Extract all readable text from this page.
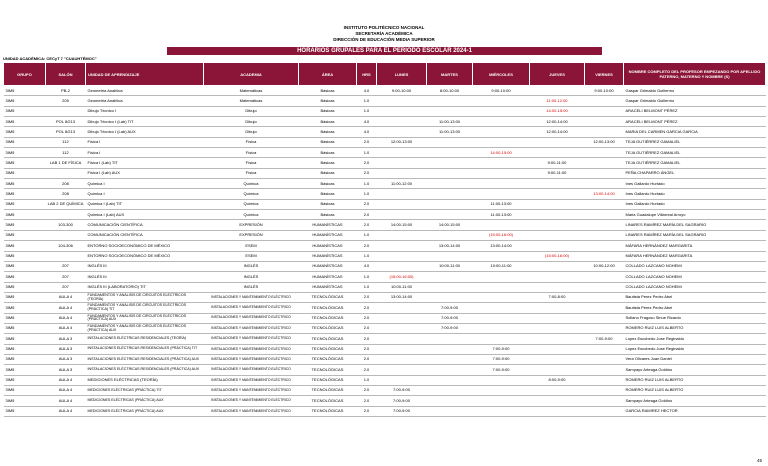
INSTITUTO POLITÉCNICO NACIONAL
SECRETARÍA ACADÉMICA
DIRECCIÓN DE EDUCACIÓN MEDIA SUPERIOR
HORARIOS GRUPALES PARA EL PERIODO ESCOLAR 2024-1
UNIDAD ACADÉMICA: CECyT 7 "CUAUHTÉMOC"
GRUPO	SALÓN	UNIDAD DE APRENDIZAJE	ACADEMIA	ÁREA	HRS	LUNES	MARTES	MIÉRCOLES	JUEVES	VIERNES	NOMBRE COMPLETO DEL PROFESOR EMPEZANDO POR APELLIDO PATERNO, MATERNO Y NOMBRE (S)
3IM5	PB-2	Geometría Analítica	Matemáticas	Básicas	4.0	9:00-10:00	8:00-10:00	9:00-10:00		9:00-10:00	Gaspar Grimaldo Guillermo
3IM5	205	Geometría Analítica	Matemáticas	Básicas	1.0				11:00-12:00		Gaspar Grimaldo Guillermo
3IM5		Dibujo Técnico I	Dibujo	Básicas	1.0				14:00-15:00		ARACELI BELMONT PÉREZ
3IM5	POL 8/213	Dibujo Técnico I (Lab) TIT	Dibujo	Básicas	4.0		11:00-13:00		12:00-14:00		ARACELI BELMONT PÉREZ
3IM5	POL 8/213	Dibujo Técnico I (Lab) AUX	Dibujo	Básicas	4.0		11:00-13:00		12:00-14:00		MARIA DEL CARMEN GARCIA GARCIA
3IM5	112	Física I	Física	Básicas	2.0	12:00-13:00				12:00-13:00	TEJA GUTIÉRREZ GAMALIEL
3IM5	112	Física I	Física	Básicas	1.0			14:00-15:00			TEJA GUTIÉRREZ GAMALIEL
3IM5	LAB 1 DE FÍSICA	Física I (Lab) TIT	Física	Básicas	2.0				9:00-11:00		TEJA GUTIÉRREZ GAMALIEL
3IM5		Física I (Lab) AUX	Física	Básicas	2.0				9:00-11:00		PEÑA CHAPARRO ÁNGEL
3IM5	208	Química I	Química	Básicas	1.0	11:00-12:00					Ines Gallardo Hurtado
3IM5	208	Química I	Química	Básicas	1.0					13:00-14:00	Ines Gallardo Hurtado
3IM5	LAB 2 DE QUÍMICA	Química I (Lab) TIT	Química	Básicas	2.0			11:00-13:00			Ines Gallardo Hurtado
3IM5		Química I (Lab) AUX	Química	Básicas	2.0			11:00-13:00			Maria Guadalupe Villarreal Arroyo
3IM5	103-300	COMUNICACIÓN CIENTÍFICA	EXPRESIÓN	HUMANÍSTICAS	2.0	14:00-15:00	14:00-15:00				LINARES RAMÍREZ MARÍA DEL SAGRARIO
3IM5		COMUNICACIÓN CIENTÍFICA	EXPRESIÓN	HUMANÍSTICAS	1.0			(15:00-16:00)			LINARES RAMÍREZ MARÍA DEL SAGRARIO
3IM5	104-306	ENTORNO SOCIOECONÓMICO DE MÉXICO	ESEM	HUMANÍSTICAS	2.0		13:00-14:00	13:00-14:00			MÁFARA HERNÁNDEZ MARGARITA
3IM5		ENTORNO SOCIOECONÓMICO DE MÉXICO	ESEM	HUMANÍSTICAS	1.0				(15:00-16:00)		MÁFARA HERNÁNDEZ MARGARITA
3IM5	207	INGLÉS III	INGLÉS	HUMANÍSTICAS	4.0		10:00-11:00	10:00-11:00		10:00-12:00	COLLADO LAZCANO NOHEMI
3IM5	207	INGLÉS III	INGLÉS	HUMANÍSTICAS	1.0	(15:00-16:00)					COLLADO LAZCANO NOHEMI
3IM5	207	INGLÉS III (LABORATORIO) TIT	INGLÉS	HUMANÍSTICAS	1.0	10:00-11:00					COLLADO LAZCANO NOHEMI
3IM5	AULA 4	FUNDAMENTOS Y ANÁLISIS DE CIRCUITOS ELÉCTRICOS (TEORÍA)	INSTALACIONES Y MANTENIMIENTO ELÉCTRICO	TECNOLÓGICAS	2.0	13:00-14:00			7:00-8:00		Bautista Perez Pedro Abel
3IM5	AULA 4	FUNDAMENTOS Y ANÁLISIS DE CIRCUITOS ELÉCTRICOS (PRÁCTICA) TIT	INSTALACIONES Y MANTENIMIENTO ELÉCTRICO	TECNOLÓGICAS	2.0		7:00-9:00				Bautista Perez Pedro Abel
3IM5	AULA 4	FUNDAMENTOS Y ANÁLISIS DE CIRCUITOS ELÉCTRICOS (PRÁCTICA) AUX	INSTALACIONES Y MANTENIMIENTO ELÉCTRICO	TECNOLÓGICAS	2.0		7:00-9:00				Sollano Fragoso Sinue Ricardo
3IM5	AULA 4	FUNDAMENTOS Y ANÁLISIS DE CIRCUITOS ELÉCTRICOS (PRÁCTICA) AUX	INSTALACIONES Y MANTENIMIENTO ELÉCTRICO	TECNOLÓGICAS	2.0		7:00-9:00				ROMERO RUIZ LUIS ALBERTO
3IM5	AULA 3	INSTALACIONES ELÉCTRICAS RESIDENCIALES (TEORÍA)	INSTALACIONES Y MANTENIMIENTO ELÉCTRICO	TECNOLÓGICAS	2.0					7:00-9:00	Lopez Escobedo Jose Reginaldo
3IM5	AULA 3	INSTALACIONES ELÉCTRICAS RESIDENCIALES (PRÁCTICA) TIT	INSTALACIONES Y MANTENIMIENTO ELÉCTRICO	TECNOLÓGICAS	2.0			7:00-9:00			Lopez Escobedo Jose Reginaldo
3IM5	AULA 3	INSTALACIONES ELÉCTRICAS RESIDENCIALES (PRÁCTICA) AUX	INSTALACIONES Y MANTENIMIENTO ELÉCTRICO	TECNOLÓGICAS	2.0			7:00-9:00			Vera Olivares Juan Daniel
3IM5	AULA 3	INSTALACIONES ELÉCTRICAS RESIDENCIALES (PRÁCTICA) AUX	INSTALACIONES Y MANTENIMIENTO ELÉCTRICO	TECNOLÓGICAS	2.0			7:00-9:00			Sampayo Arteaga Goldino
3IM5	AULA 4	MEDICIONES ELÉCTRICAS (TEORÍA)	INSTALACIONES Y MANTENIMIENTO ELÉCTRICO	TECNOLÓGICAS	1.0				8:00-9:00		ROMERO RUIZ LUIS ALBERTO
3IM5	AULA 4	MEDICIONES ELÉCTRICAS (PRÁCTICA) TIT	INSTALACIONES Y MANTENIMIENTO ELÉCTRICO	TECNOLÓGICAS	2.0	7:00-9:00					ROMERO RUIZ LUIS ALBERTO
3IM5	AULA 4	MEDICIONES ELÉCTRICAS (PRÁCTICA) AUX	INSTALACIONES Y MANTENIMIENTO ELÉCTRICO	TECNOLÓGICAS	2.0	7:00-9:00					Sampayo Arteaga Goldino
3IM5	AULA 4	MEDICIONES ELÉCTRICAS (PRÁCTICA) AUX	INSTALACIONES Y MANTENIMIENTO ELÉCTRICO	TECNOLÓGICAS	2.0	7:00-9:00					GARCIA RAMIREZ HECTOR
45
